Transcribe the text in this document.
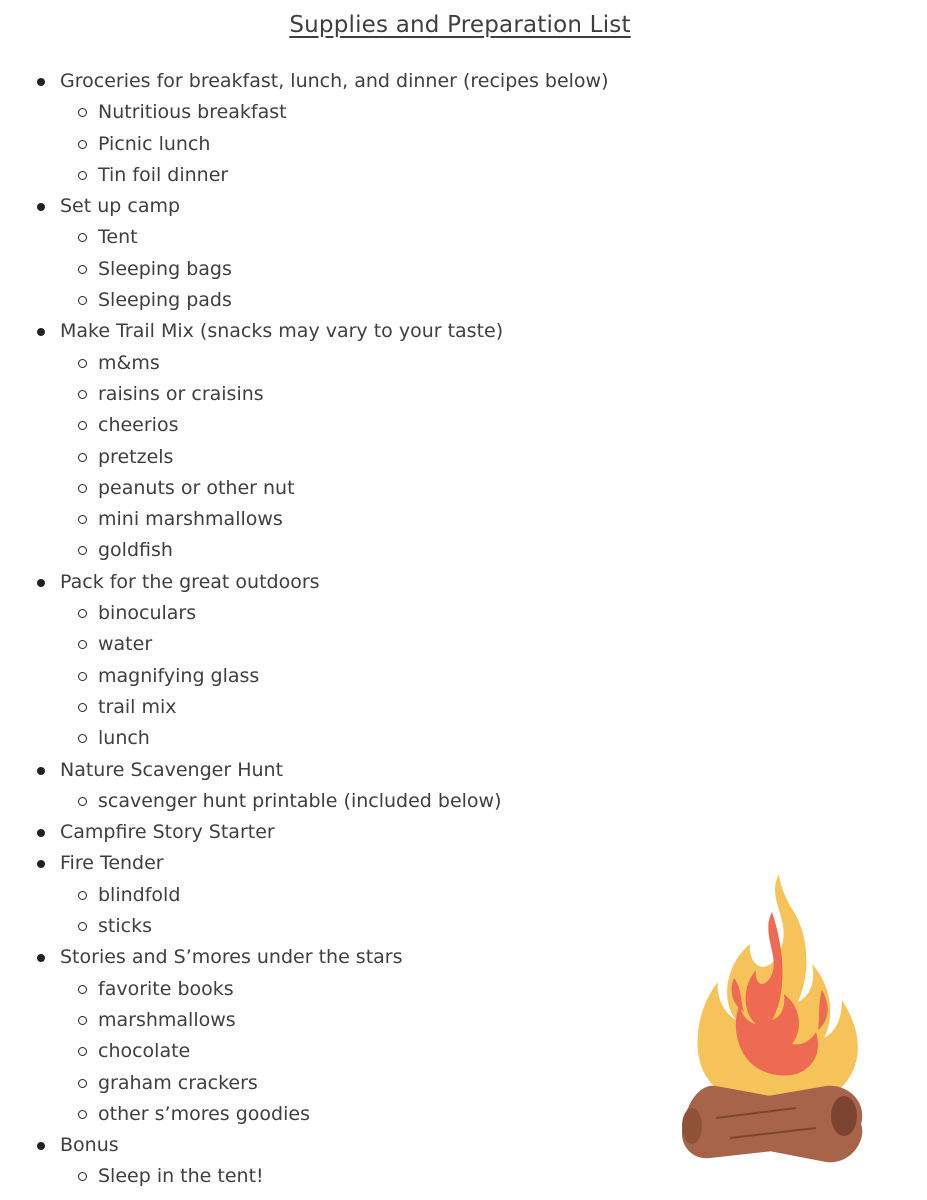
Supplies and Preparation List
Groceries for breakfast, lunch, and dinner (recipes below)
Nutritious breakfast
Picnic lunch
Tin foil dinner
Set up camp
Tent
Sleeping bags
Sleeping pads
Make Trail Mix (snacks may vary to your taste)
m&ms
raisins or craisins
cheerios
pretzels
peanuts or other nut
mini marshmallows
goldfish
Pack for the great outdoors
binoculars
water
magnifying glass
trail mix
lunch
Nature Scavenger Hunt
scavenger hunt printable (included below)
Campfire Story Starter
Fire Tender
blindfold
sticks
Stories and S’mores under the stars
favorite books
marshmallows
chocolate
graham crackers
other s’mores goodies
Bonus
Sleep in the tent!
